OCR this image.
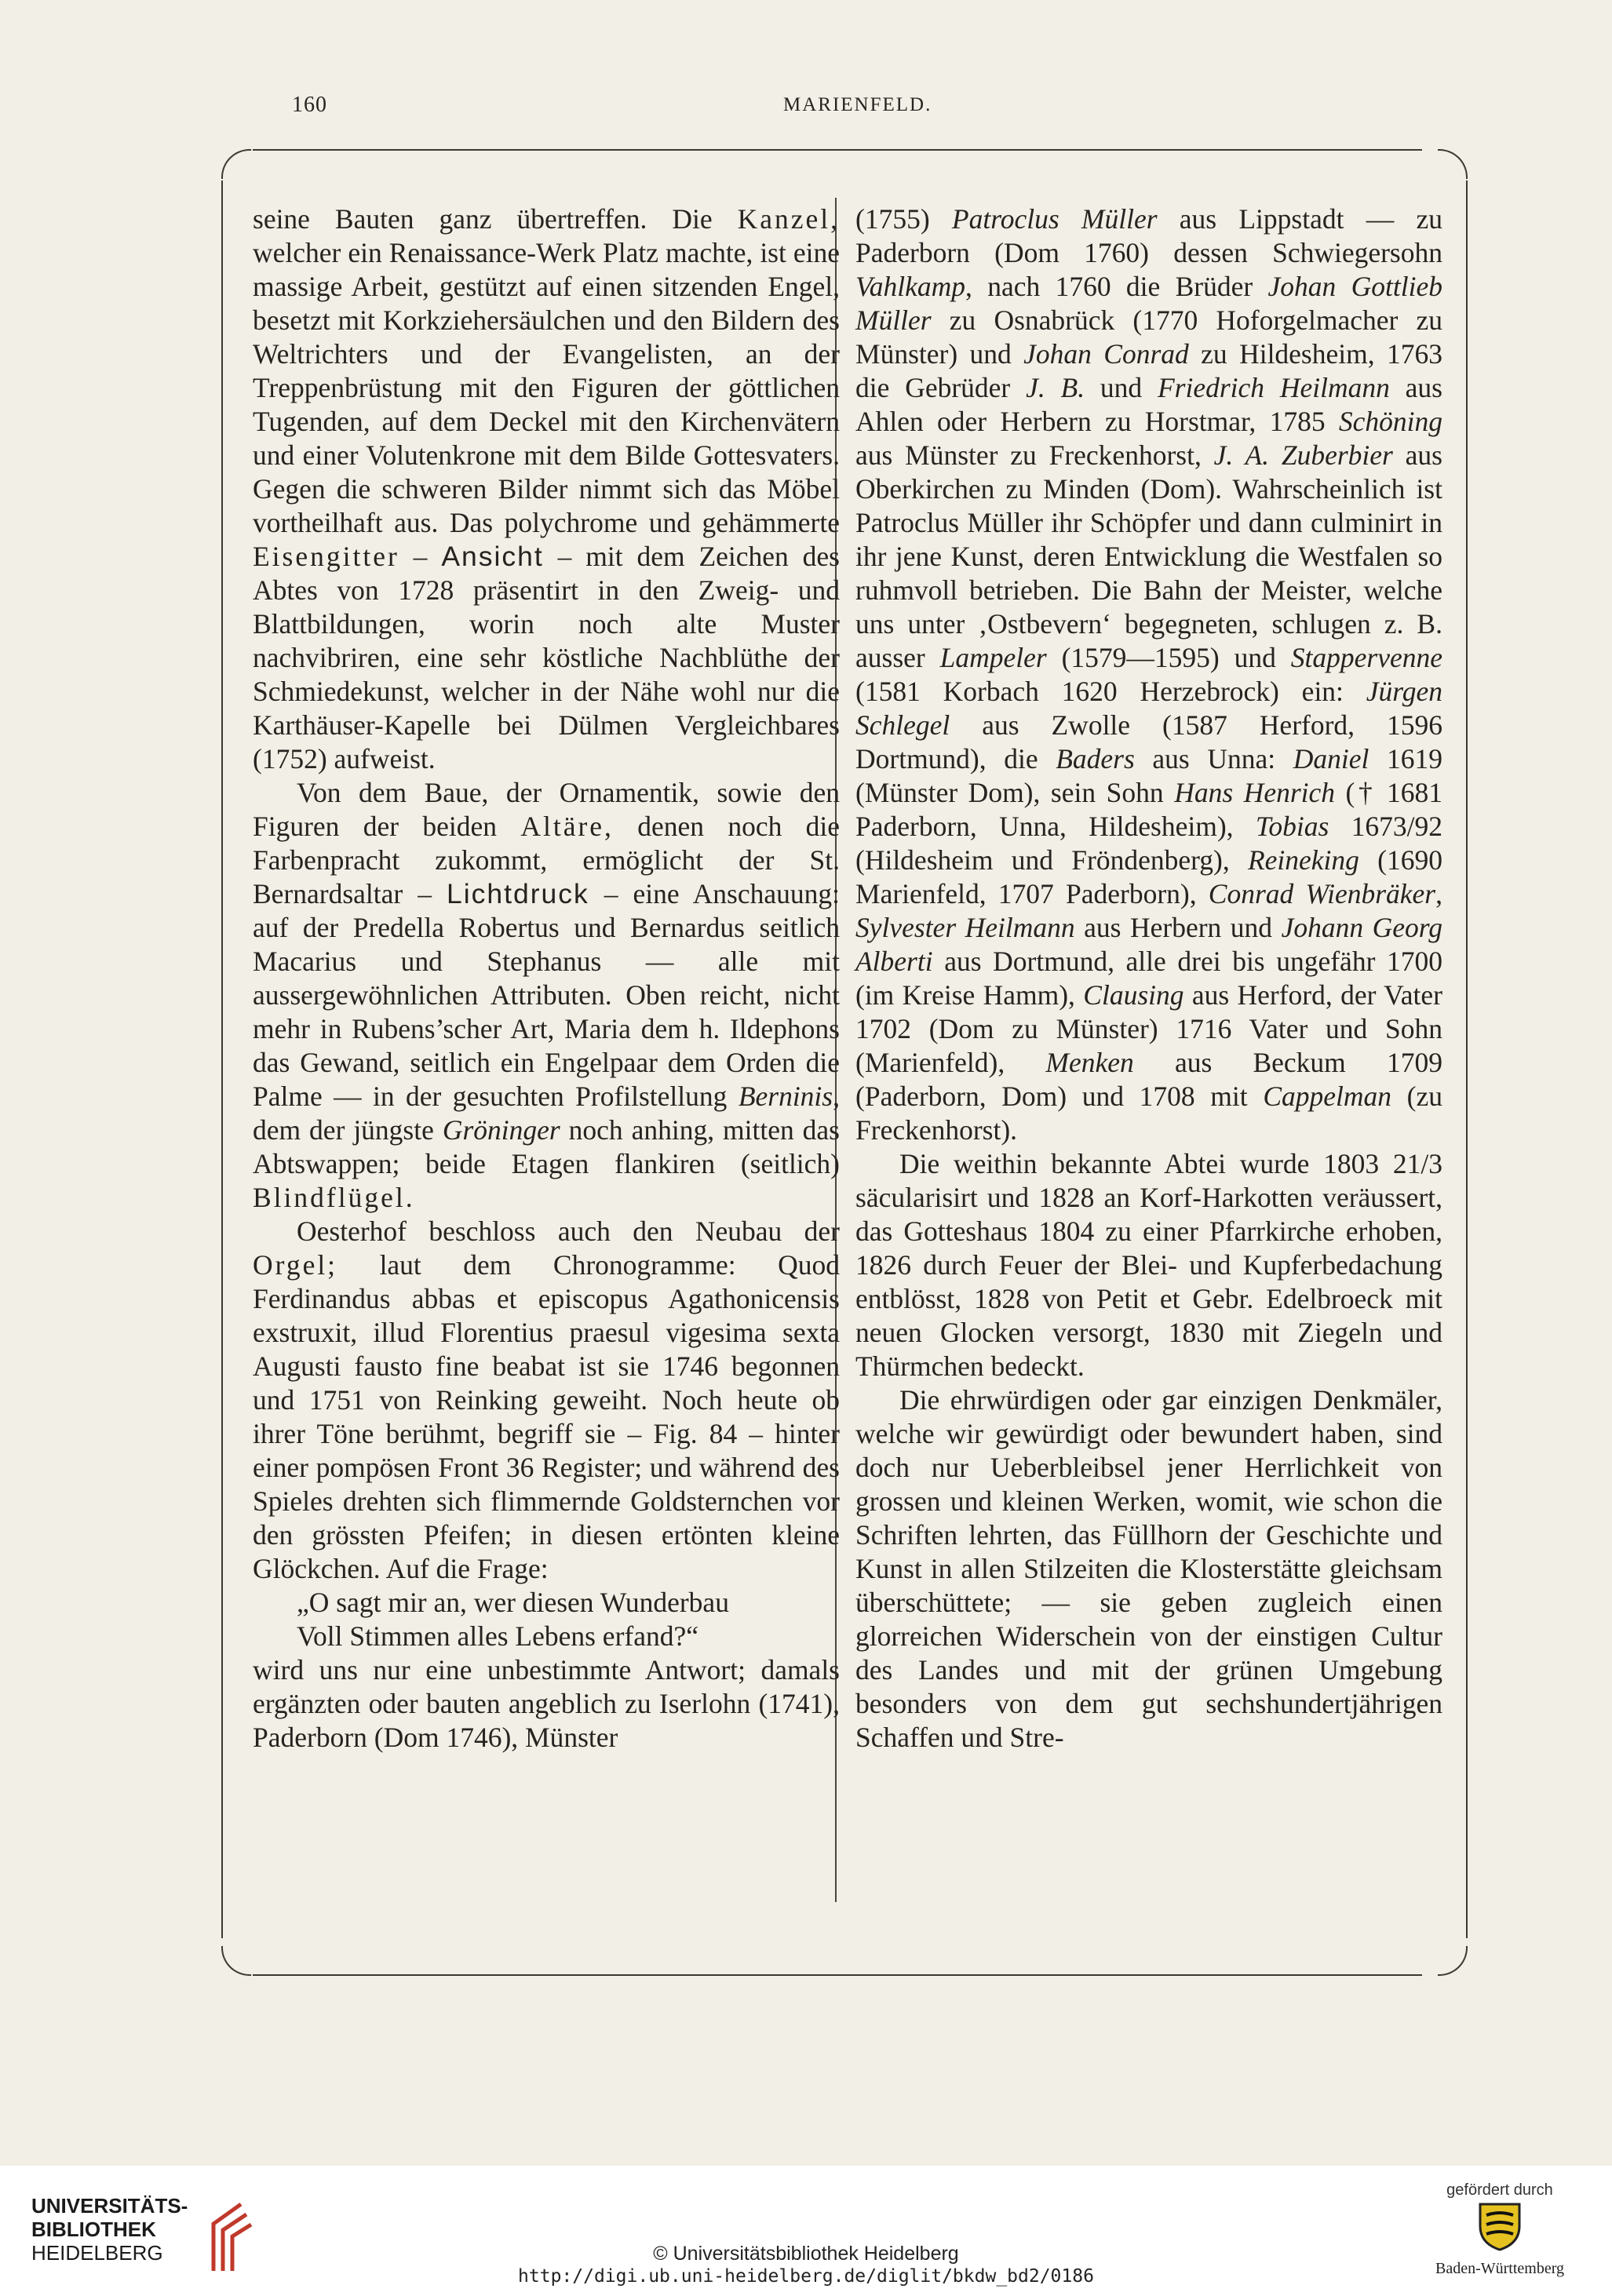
160	MARIENFELD.

seine Bauten ganz übertreffen. Die Kanzel, welcher ein Renaissance-Werk Platz machte, ist eine massige Arbeit, gestützt auf einen sitzenden Engel, besetzt mit Korkziehersäulchen und den Bildern des Weltrichters und der Evangelisten, an der Treppenbrüstung mit den Figuren der göttlichen Tugenden, auf dem Deckel mit den Kirchenvätern und einer Volutenkrone mit dem Bilde Gottesvaters. Gegen die schweren Bilder nimmt sich das Möbel vortheilhaft aus. Das polychrome und gehämmerte Eisengitter – Ansicht – mit dem Zeichen des Abtes von 1728 präsentirt in den Zweig- und Blattbildungen, worin noch alte Muster nachvibriren, eine sehr köstliche Nachblüthe der Schmiedekunst, welcher in der Nähe wohl nur die Karthäuser-Kapelle bei Dülmen Vergleichbares (1752) aufweist.

Von dem Baue, der Ornamentik, sowie den Figuren der beiden Altäre, denen noch die Farbenpracht zukommt, ermöglicht der St. Bernardsaltar – Lichtdruck – eine Anschauung: auf der Predella Robertus und Bernardus seitlich Macarius und Stephanus — alle mit aussergewöhnlichen Attributen. Oben reicht, nicht mehr in Rubens’scher Art, Maria dem h. Ildephons das Gewand, seitlich ein Engelpaar dem Orden die Palme — in der gesuchten Profilstellung Berninis, dem der jüngste Gröninger noch anhing, mitten das Abtswappen; beide Etagen flankiren (seitlich) Blindflügel.

Oesterhof beschloss auch den Neubau der Orgel; laut dem Chronogramme: Quod Ferdinandus abbas et episcopus Agathonicensis exstruxit, illud Florentius praesul vigesima sexta Augusti fausto fine beabat ist sie 1746 begonnen und 1751 von Reinking geweiht. Noch heute ob ihrer Töne berühmt, begriff sie – Fig. 84 – hinter einer pompösen Front 36 Register; und während des Spieles drehten sich flimmernde Goldsternchen vor den grössten Pfeifen; in diesen ertönten kleine Glöckchen. Auf die Frage:

„O sagt mir an, wer diesen Wunderbau

Voll Stimmen alles Lebens erfand?“

wird uns nur eine unbestimmte Antwort; damals ergänzten oder bauten angeblich zu Iserlohn (1741), Paderborn (Dom 1746), Münster

(1755) Patroclus Müller aus Lippstadt — zu Paderborn (Dom 1760) dessen Schwiegersohn Vahlkamp, nach 1760 die Brüder Johan Gottlieb Müller zu Osnabrück (1770 Hoforgelmacher zu Münster) und Johan Conrad zu Hildesheim, 1763 die Gebrüder J. B. und Friedrich Heilmann aus Ahlen oder Herbern zu Horstmar, 1785 Schöning aus Münster zu Freckenhorst, J. A. Zuberbier aus Oberkirchen zu Minden (Dom). Wahrscheinlich ist Patroclus Müller ihr Schöpfer und dann culminirt in ihr jene Kunst, deren Entwicklung die Westfalen so ruhmvoll betrieben. Die Bahn der Meister, welche uns unter ‚Ostbevern‘ begegneten, schlugen z. B. ausser Lampeler (1579—1595) und Stappervenne (1581 Korbach 1620 Herzebrock) ein: Jürgen Schlegel aus Zwolle (1587 Herford, 1596 Dortmund), die Baders aus Unna: Daniel 1619 (Münster Dom), sein Sohn Hans Henrich († 1681 Paderborn, Unna, Hildesheim), Tobias 1673/92 (Hildesheim und Fröndenberg), Reineking (1690 Marienfeld, 1707 Paderborn), Conrad Wienbräker, Sylvester Heilmann aus Herbern und Johann Georg Alberti aus Dortmund, alle drei bis ungefähr 1700 (im Kreise Hamm), Clausing aus Herford, der Vater 1702 (Dom zu Münster) 1716 Vater und Sohn (Marienfeld), Menken aus Beckum 1709 (Paderborn, Dom) und 1708 mit Cappelman (zu Freckenhorst).

Die weithin bekannte Abtei wurde 1803 21/3 säcularisirt und 1828 an Korf-Harkotten veräussert, das Gotteshaus 1804 zu einer Pfarrkirche erhoben, 1826 durch Feuer der Blei- und Kupferbedachung entblösst, 1828 von Petit et Gebr. Edelbroeck mit neuen Glocken versorgt, 1830 mit Ziegeln und Thürmchen bedeckt.

Die ehrwürdigen oder gar einzigen Denkmäler, welche wir gewürdigt oder bewundert haben, sind doch nur Ueberbleibsel jener Herrlichkeit von grossen und kleinen Werken, womit, wie schon die Schriften lehrten, das Füllhorn der Geschichte und Kunst in allen Stilzeiten die Klosterstätte gleichsam überschüttete; — sie geben zugleich einen glorreichen Widerschein von der einstigen Cultur des Landes und mit der grünen Umgebung besonders von dem gut sechshundertjährigen Schaffen und Stre-

UNIVERSITÄTS-
BIBLIOTHEK
HEIDELBERG	© Universitätsbibliothek Heidelberg
http://digi.ub.uni-heidelberg.de/diglit/bkdw_bd2/0186
gefördert durch
Baden-Württemberg
